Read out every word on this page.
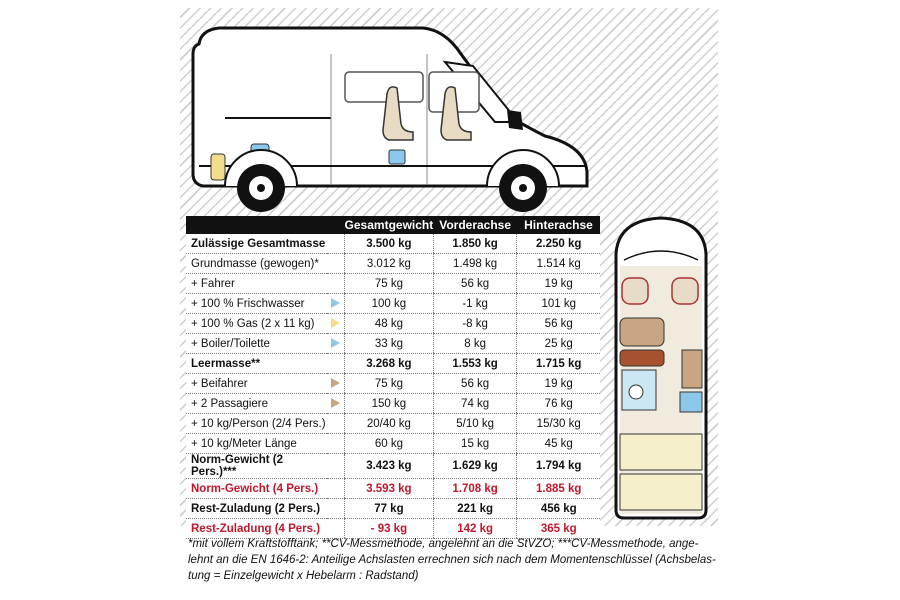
		Gesamtgewicht	Vorderachse	Hinterachse
Zulässige Gesamtmasse		3.500 kg	1.850 kg	2.250 kg
Grundmasse (gewogen)*		3.012 kg	1.498 kg	1.514 kg
+ Fahrer		75 kg	56 kg	19 kg
+ 100 % Frischwasser		100 kg	-1 kg	101 kg
+ 100 % Gas (2 x 11 kg)		48 kg	-8 kg	56 kg
+ Boiler/Toilette		33 kg	8 kg	25 kg
Leermasse**		3.268 kg	1.553 kg	1.715 kg
+ Beifahrer		75 kg	56 kg	19 kg
+ 2 Passagiere		150 kg	74 kg	76 kg
+ 10 kg/Person (2/4 Pers.)		20/40 kg	5/10 kg	15/30 kg
+ 10 kg/Meter Länge		60 kg	15 kg	45 kg
Norm-Gewicht (2 Pers.)***		3.423 kg	1.629 kg	1.794 kg
Norm-Gewicht (4 Pers.)		3.593 kg	1.708 kg	1.885 kg
Rest-Zuladung (2 Pers.)		77 kg	221 kg	456 kg
Rest-Zuladung (4 Pers.)		- 93 kg	142 kg	365 kg
*mit vollem Kraftstofftank; **CV-Messmethode, angelehnt an die StVZO; ***CV-Messmethode, ange-
lehnt an die EN 1646-2: Anteilige Achslasten errechnen sich nach dem Momentenschlüssel (Achsbelas-
tung = Einzelgewicht x Hebelarm : Radstand)
